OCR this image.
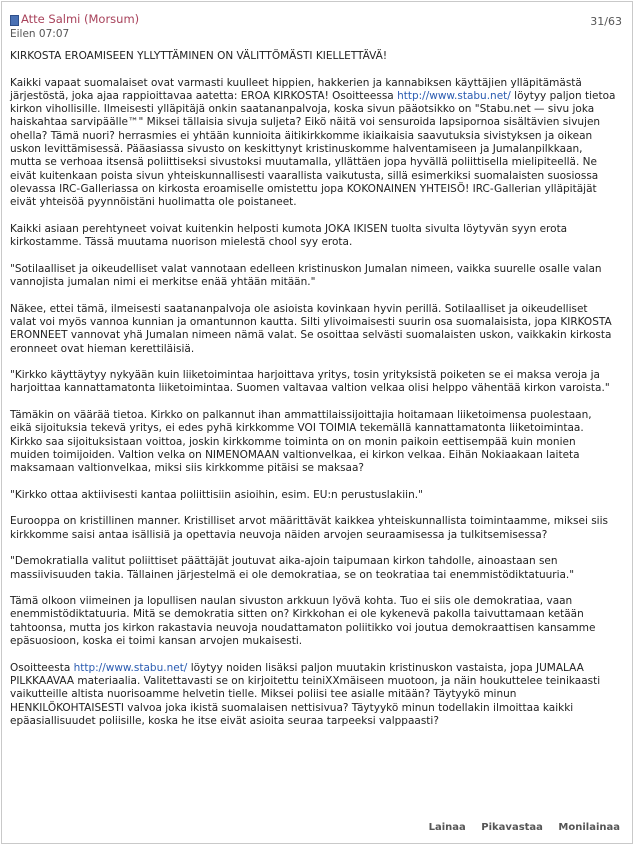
Atte Salmi (Morsum)
Eilen 07:07
31/63

KIRKOSTA EROAMISEEN YLLYTTÄMINEN ON VÄLITTÖMÄSTI KIELLETTÄVÄ!

Kaikki vapaat suomalaiset ovat varmasti kuulleet hippien, hakkerien ja kannabiksen käyttäjien ylläpitämästä järjestöstä, joka ajaa rappioittavaa aatetta: EROA KIRKOSTA! Osoitteessa http://www.stabu.net/ löytyy paljon tietoa kirkon vihollisille. Ilmeisesti ylläpitäjä onkin saatananpalvoja, koska sivun pääotsikko on "Stabu.net — sivu joka haiskahtaa sarvipäälle™" Miksei tällaisia sivuja suljeta? Eikö näitä voi sensuroida lapsipornoa sisältävien sivujen ohella? Tämä nuori? herrasmies ei yhtään kunnioita äitikirkkomme ikiaikaisia saavutuksia sivistyksen ja oikean uskon levittämisessä. Pääasiassa sivusto on keskittynyt kristinuskomme halventamiseen ja Jumalanpilkkaan, mutta se verhoaa itsensä poliittiseksi sivustoksi muutamalla, yllättäen jopa hyvällä poliittisella mielipiteellä. Ne eivät kuitenkaan poista sivun yhteiskunnallisesti vaarallista vaikutusta, sillä esimerkiksi suomalaisten suosiossa olevassa IRC-Galleriassa on kirkosta eroamiselle omistettu jopa KOKONAINEN YHTEISÖ! IRC-Gallerian ylläpitäjät eivät yhteisöä pyynnöistäni huolimatta ole poistaneet.

Kaikki asiaan perehtyneet voivat kuitenkin helposti kumota JOKA IKISEN tuolta sivulta löytyvän syyn erota kirkostamme. Tässä muutama nuorison mielestä chool syy erota.

"Sotilaalliset ja oikeudelliset valat vannotaan edelleen kristinuskon Jumalan nimeen, vaikka suurelle osalle valan vannojista jumalan nimi ei merkitse enää yhtään mitään."

Näkee, ettei tämä, ilmeisesti saatananpalvoja ole asioista kovinkaan hyvin perillä. Sotilaalliset ja oikeudelliset valat voi myös vannoa kunnian ja omantunnon kautta. Silti ylivoimaisesti suurin osa suomalaisista, jopa KIRKOSTA ERONNEET vannovat yhä Jumalan nimeen nämä valat. Se osoittaa selvästi suomalaisten uskon, vaikkakin kirkosta eronneet ovat hieman kerettiläisiä.

"Kirkko käyttäytyy nykyään kuin liiketoimintaa harjoittava yritys, tosin yrityksistä poiketen se ei maksa veroja ja harjoittaa kannattamatonta liiketoimintaa. Suomen valtavaa valtion velkaa olisi helppo vähentää kirkon varoista."

Tämäkin on väärää tietoa. Kirkko on palkannut ihan ammattilaissijoittajia hoitamaan liiketoimensa puolestaan, eikä sijoituksia tekevä yritys, ei edes pyhä kirkkomme VOI TOIMIA tekemällä kannattamatonta liiketoimintaa. Kirkko saa sijoituksistaan voittoa, joskin kirkkomme toiminta on on monin paikoin eettisempää kuin monien muiden toimijoiden. Valtion velka on NIMENOMAAN valtionvelkaa, ei kirkon velkaa. Eihän Nokiaakaan laiteta maksamaan valtionvelkaa, miksi siis kirkkomme pitäisi se maksaa?

"Kirkko ottaa aktiivisesti kantaa poliittisiin asioihin, esim. EU:n perustuslakiin."

Eurooppa on kristillinen manner. Kristilliset arvot määrittävät kaikkea yhteiskunnallista toimintaamme, miksei siis kirkkomme saisi antaa isällisiä ja opettavia neuvoja näiden arvojen seuraamisessa ja tulkitsemisessa?

"Demokratialla valitut poliittiset päättäjät joutuvat aika-ajoin taipumaan kirkon tahdolle, ainoastaan sen massiivisuuden takia. Tällainen järjestelmä ei ole demokratiaa, se on teokratiaa tai enemmistödiktatuuria."

Tämä olkoon viimeinen ja lopullisen naulan sivuston arkkuun lyövä kohta. Tuo ei siis ole demokratiaa, vaan enemmistödiktatuuria. Mitä se demokratia sitten on? Kirkkohan ei ole kykenevä pakolla taivuttamaan ketään tahtoonsa, mutta jos kirkon rakastavia neuvoja noudattamaton poliitikko voi joutua demokraattisen kansamme epäsuosioon, koska ei toimi kansan arvojen mukaisesti.

Osoitteesta http://www.stabu.net/ löytyy noiden lisäksi paljon muutakin kristinuskon vastaista, jopa JUMALAA PILKKAAVAA materiaalia. Valitettavasti se on kirjoitettu teiniXXmäiseen muotoon, ja näin houkuttelee teinikaasti vaikutteille altista nuorisoamme helvetin tielle. Miksei poliisi tee asialle mitään? Täytyykö minun HENKILÖKOHTAISESTI valvoa joka ikistä suomalaisen nettisivua? Täytyykö minun todellakin ilmoittaa kaikki epäasiallisuudet poliisille, koska he itse eivät asioita seuraa tarpeeksi valppaasti?

Lainaa Pikavastaa Monilainaa
